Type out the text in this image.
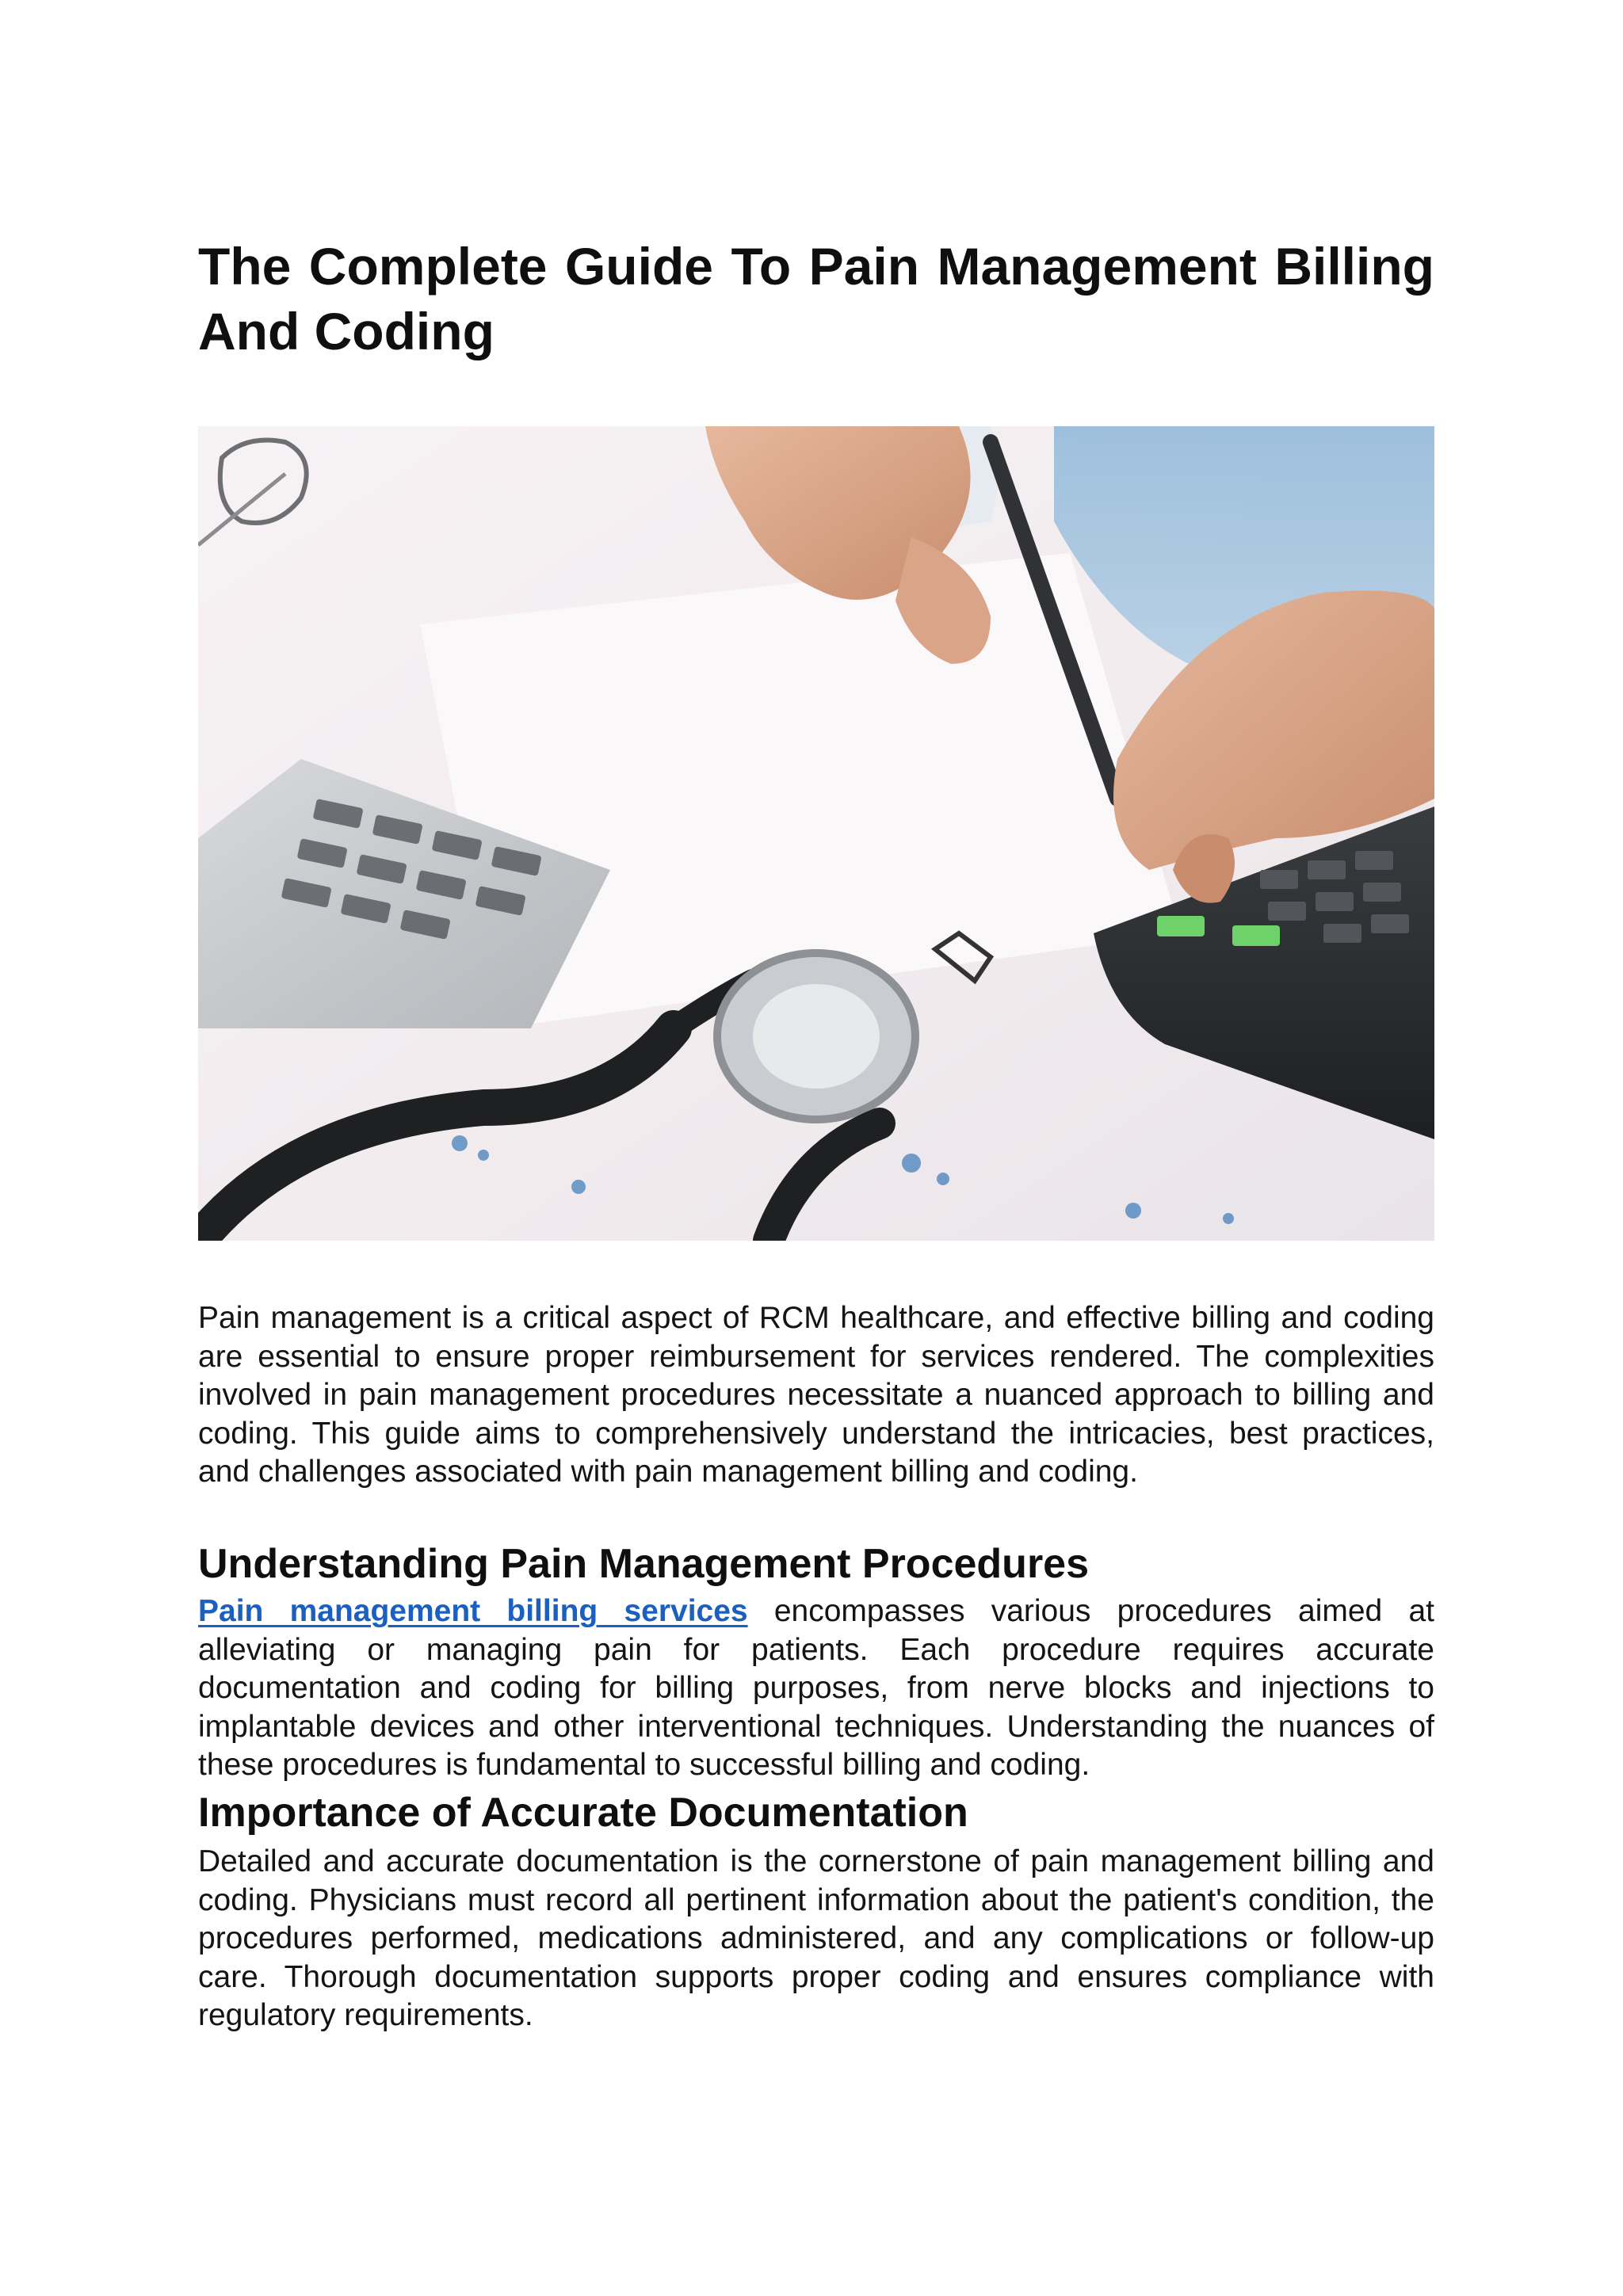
The Complete Guide To Pain Management Billing And Coding

Pain management is a critical aspect of RCM healthcare, and effective billing and coding are essential to ensure proper reimbursement for services rendered. The complexities involved in pain management procedures necessitate a nuanced approach to billing and coding. This guide aims to comprehensively understand the intricacies, best practices, and challenges associated with pain management billing and coding.

Understanding Pain Management Procedures

Pain management billing services encompasses various procedures aimed at alleviating or managing pain for patients. Each procedure requires accurate documentation and coding for billing purposes, from nerve blocks and injections to implantable devices and other interventional techniques. Understanding the nuances of these procedures is fundamental to successful billing and coding.

Importance of Accurate Documentation

Detailed and accurate documentation is the cornerstone of pain management billing and coding. Physicians must record all pertinent information about the patient's condition, the procedures performed, medications administered, and any complications or follow-up care. Thorough documentation supports proper coding and ensures compliance with regulatory requirements.
